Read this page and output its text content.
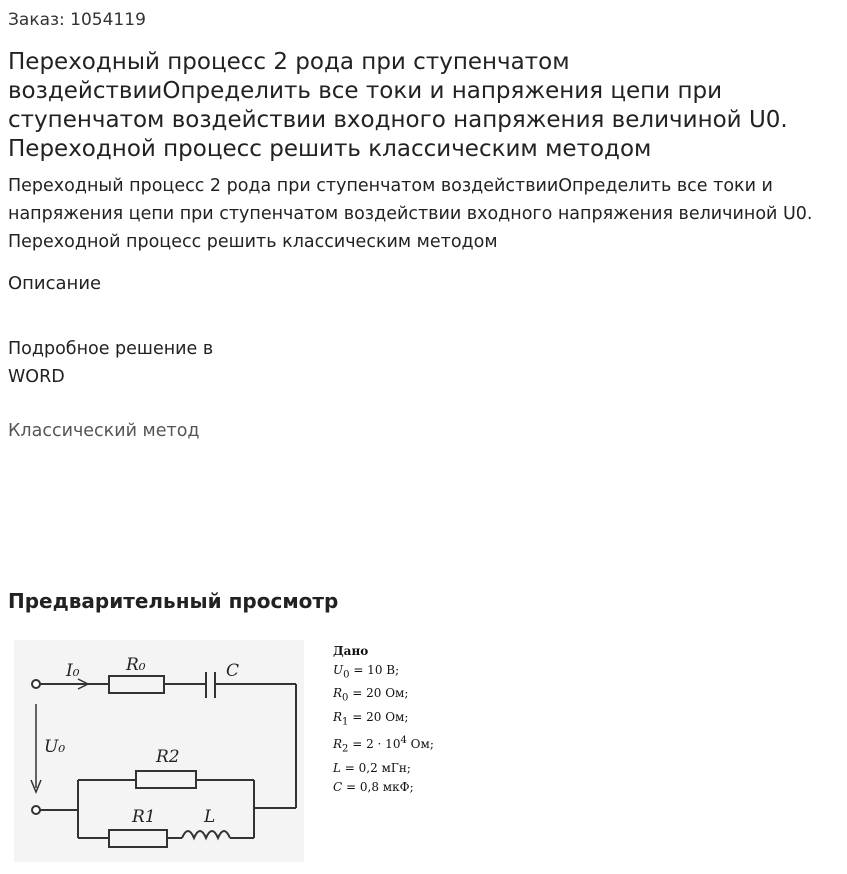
Заказ: 1054119
Переходный процесс 2 рода при ступенчатом воздействииОпределить все токи и напряжения цепи при ступенчатом воздействии входного напряжения величиной U0. Переходной процесс решить классическим методом

Переходный процесс 2 рода при ступенчатом воздействииОпределить все токи и напряжения цепи при ступенчатом воздействии входного напряжения величиной U0. Переходной процесс решить классическим методом

Описание
Подробное решение в WORD
Классический метод
Предварительный просмотр
I₀
U₀
R₀	C
R2
R1	L
Дано
$U_0 = 10$ В;
$R_0 = 20$ Ом;
$R_1 = 20$ Ом;
$R_2 = 2 \cdot 10^4$ Ом;
L = 0,2 мГн;
C = 0,8 мкФ;
